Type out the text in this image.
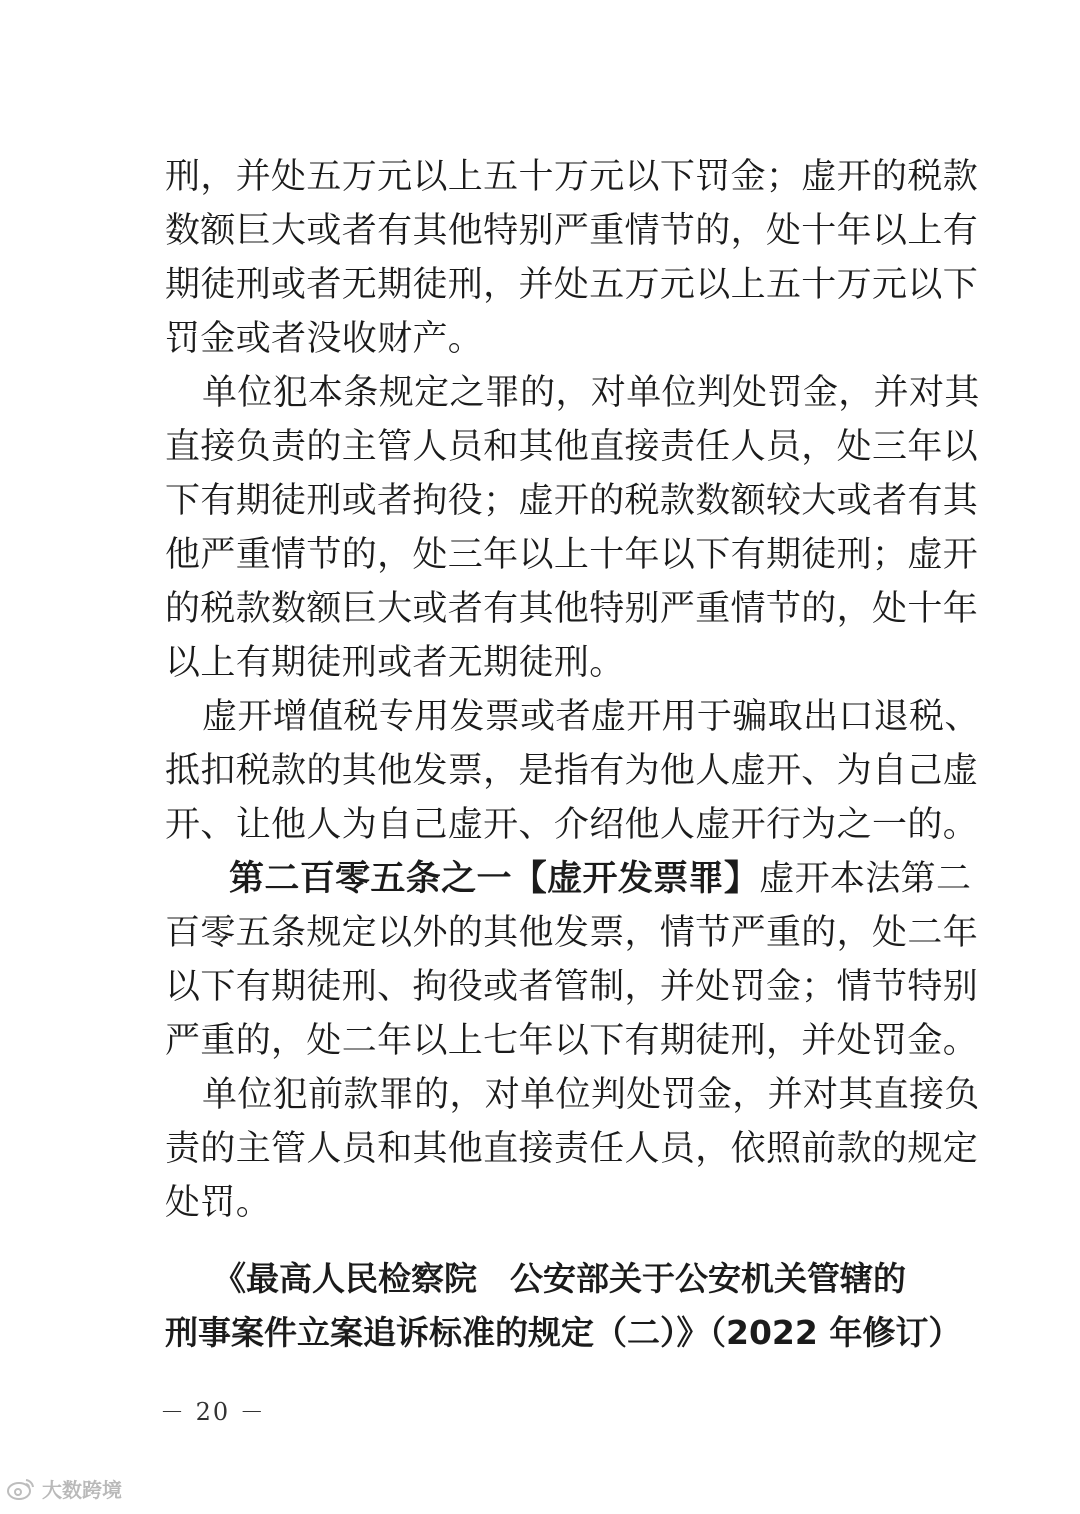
刑，并处五万元以上五十万元以下罚金；虚开的税款
数额巨大或者有其他特别严重情节的，处十年以上有
期徒刑或者无期徒刑，并处五万元以上五十万元以下
罚金或者没收财产。
单位犯本条规定之罪的，对单位判处罚金，并对其
直接负责的主管人员和其他直接责任人员，处三年以
下有期徒刑或者拘役；虚开的税款数额较大或者有其
他严重情节的，处三年以上十年以下有期徒刑；虚开
的税款数额巨大或者有其他特别严重情节的，处十年
以上有期徒刑或者无期徒刑。
虚开增值税专用发票或者虚开用于骗取出口退税、
抵扣税款的其他发票，是指有为他人虚开、为自己虚
开、让他人为自己虚开、介绍他人虚开行为之一的。
第二百零五条之一【虚开发票罪】虚开本法第二
百零五条规定以外的其他发票，情节严重的，处二年
以下有期徒刑、拘役或者管制，并处罚金；情节特别
严重的，处二年以上七年以下有期徒刑，并处罚金。
单位犯前款罪的，对单位判处罚金，并对其直接负
责的主管人员和其他直接责任人员，依照前款的规定
处罚。
《最高人民检察院　公安部关于公安机关管辖的
刑事案件立案追诉标准的规定（二）》（2022 年修订）
－ 20 －
大数跨境
